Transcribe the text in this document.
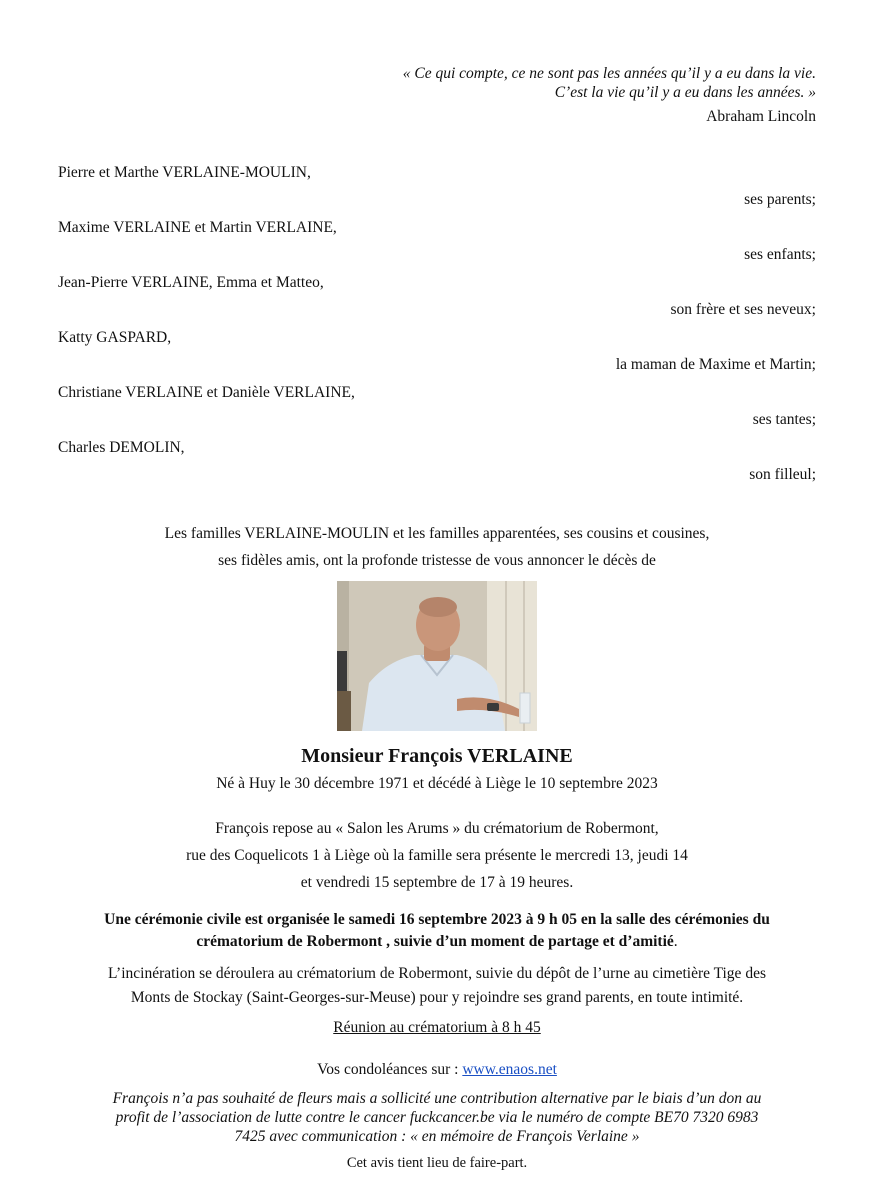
« Ce qui compte, ce ne sont pas les années qu’il y a eu dans la vie.
C’est la vie qu’il y a eu dans les années. »
Abraham Lincoln
Pierre et Marthe VERLAINE-MOULIN,
ses parents;
Maxime VERLAINE et Martin VERLAINE,
ses enfants;
Jean-Pierre VERLAINE, Emma et Matteo,
son frère et ses neveux;
Katty GASPARD,
la maman de Maxime et Martin;
Christiane VERLAINE et Danièle VERLAINE,
ses tantes;
Charles DEMOLIN,
son filleul;
Les familles VERLAINE-MOULIN et les familles apparentées, ses cousins et cousines,
ses fidèles amis, ont la profonde tristesse de vous annoncer le décès de
Monsieur François VERLAINE
Né à Huy le 30 décembre 1971 et décédé à Liège le 10 septembre 2023
François repose au « Salon les Arums » du crématorium de Robermont,
rue des Coquelicots 1 à Liège où la famille sera présente le mercredi 13, jeudi 14
et vendredi 15 septembre de 17 à 19 heures.
Une cérémonie civile est organisée le samedi 16 septembre 2023 à 9 h 05 en la salle des cérémonies du
crématorium de Robermont , suivie d’un moment de partage et d’amitié.
L’incinération se déroulera au crématorium de Robermont, suivie du dépôt de l’urne au cimetière Tige des
Monts de Stockay (Saint-Georges-sur-Meuse) pour y rejoindre ses grand parents, en toute intimité.
Réunion au crématorium à 8 h 45
Vos condoléances sur : www.enaos.net
François n’a pas souhaité de fleurs mais a sollicité une contribution alternative par le biais d’un don au
profit de l’association de lutte contre le cancer fuckcancer.be via le numéro de compte BE70 7320 6983
7425 avec communication : « en mémoire de François Verlaine »
Cet avis tient lieu de faire-part.
